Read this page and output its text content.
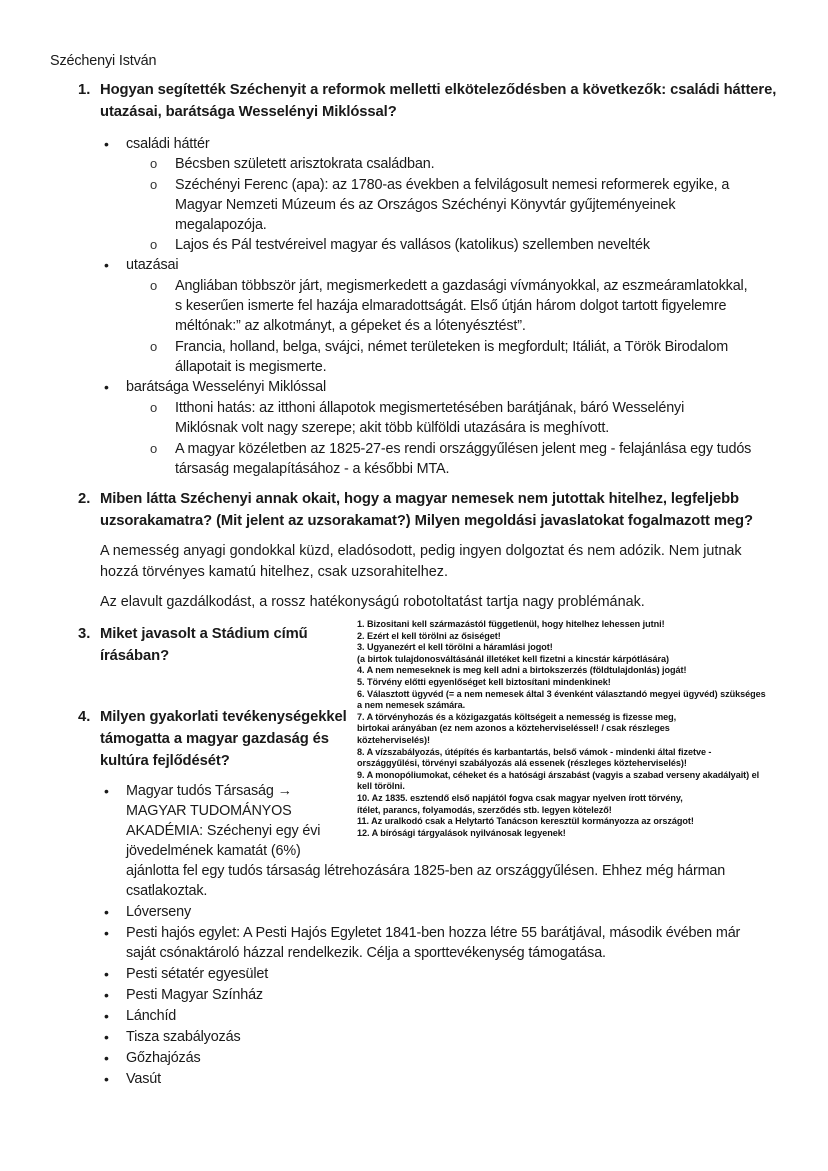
Széchenyi István
1. Hogyan segítették Széchenyit a reformok melletti elköteleződésben a következők: családi háttere,
utazásai, barátsága Wesselényi Miklóssal?
• családi háttér
o Bécsben született arisztokrata családban.
o Széchényi Ferenc (apa): az 1780-as években a felvilágosult nemesi reformerek egyike, a
Magyar Nemzeti Múzeum és az Országos Széchényi Könyvtár gyűjteményeinek
megalapozója.
o Lajos és Pál testvéreivel magyar és vallásos (katolikus) szellemben nevelték
• utazásai
o Angliában többször járt, megismerkedett a gazdasági vívmányokkal, az eszmeáramlatokkal,
s keserűen ismerte fel hazája elmaradottságát. Első útján három dolgot tartott figyelemre
méltónak:” az alkotmányt, a gépeket és a lótenyésztést”.
o Francia, holland, belga, svájci, német területeken is megfordult; Itáliát, a Török Birodalom
állapotait is megismerte.
• barátsága Wesselényi Miklóssal
o Itthoni hatás: az itthoni állapotok megismertetésében barátjának, báró Wesselényi
Miklósnak volt nagy szerepe; akit több külföldi utazására is meghívott.
o A magyar közéletben az 1825-27-es rendi országgyűlésen jelent meg - felajánlása egy tudós
társaság megalapításához - a későbbi MTA.
2. Miben látta Széchenyi annak okait, hogy a magyar nemesek nem jutottak hitelhez, legfeljebb
uzsorakamatra? (Mit jelent az uzsorakamat?) Milyen megoldási javaslatokat fogalmazott meg?
A nemesség anyagi gondokkal küzd, eladósodott, pedig ingyen dolgoztat és nem adózik. Nem jutnak
hozzá törvényes kamatú hitelhez, csak uzsorahitelhez.
Az elavult gazdálkodást, a rossz hatékonyságú robotoltatást tartja nagy problémának.
3. Miket javasolt a Stádium című
írásában?
1. Bizositani kell származástól függetlenül, hogy hitelhez lehessen jutni!
2. Ezért el kell törölni az ősiséget!
3. Ugyanezért el kell törölni a háramlási jogot!
(a birtok tulajdonosváltásánál illetéket kell fizetni a kincstár kárpótlására)
4. A nem nemeseknek is meg kell adni a birtokszerzés (földtulajdonlás) jogát!
5. Törvény előtti egyenlőséget kell biztosítani mindenkinek!
6. Választott ügyvéd (= a nem nemesek által 3 évenként választandó megyei ügyvéd) szükséges
a nem nemesek számára.
7. A törvényhozás és a közigazgatás költségeit a nemesség is fizesse meg,
birtokai arányában (ez nem azonos a közteherviseléssel! / csak részleges
közteherviselés)!
8. A vízszabályozás, útépítés és karbantartás, belső vámok - mindenki által fizetve -
országgyűlési, törvényi szabályozás alá essenek (részleges közteherviselés)!
9. A monopóliumokat, céheket és a hatósági árszabást (vagyis a szabad verseny akadályait) el
kell törölni.
10. Az 1835. esztendő első napjától fogva csak magyar nyelven írott törvény,
ítélet, parancs, folyamodás, szerződés stb. legyen kötelező!
11. Az uralkodó csak a Helytartó Tanácson keresztül kormányozza az országot!
12. A bírósági tárgyalások nyilvánosak legyenek!
4. Milyen gyakorlati tevékenységekkel
támogatta a magyar gazdaság és
kultúra fejlődését?
• Magyar tudós Társaság →
MAGYAR TUDOMÁNYOS
AKADÉMIA: Széchenyi egy évi
jövedelmének kamatát (6%)
ajánlotta fel egy tudós társaság létrehozására 1825-ben az országgyűlésen. Ehhez még hárman
csatlakoztak.
• Lóverseny
• Pesti hajós egylet: A Pesti Hajós Egyletet 1841-ben hozza létre 55 barátjával, második évében már
saját csónaktároló házzal rendelkezik. Célja a sporttevékenység támogatása.
• Pesti sétatér egyesület
• Pesti Magyar Színház
• Lánchíd
• Tisza szabályozás
• Gőzhajózás
• Vasút
